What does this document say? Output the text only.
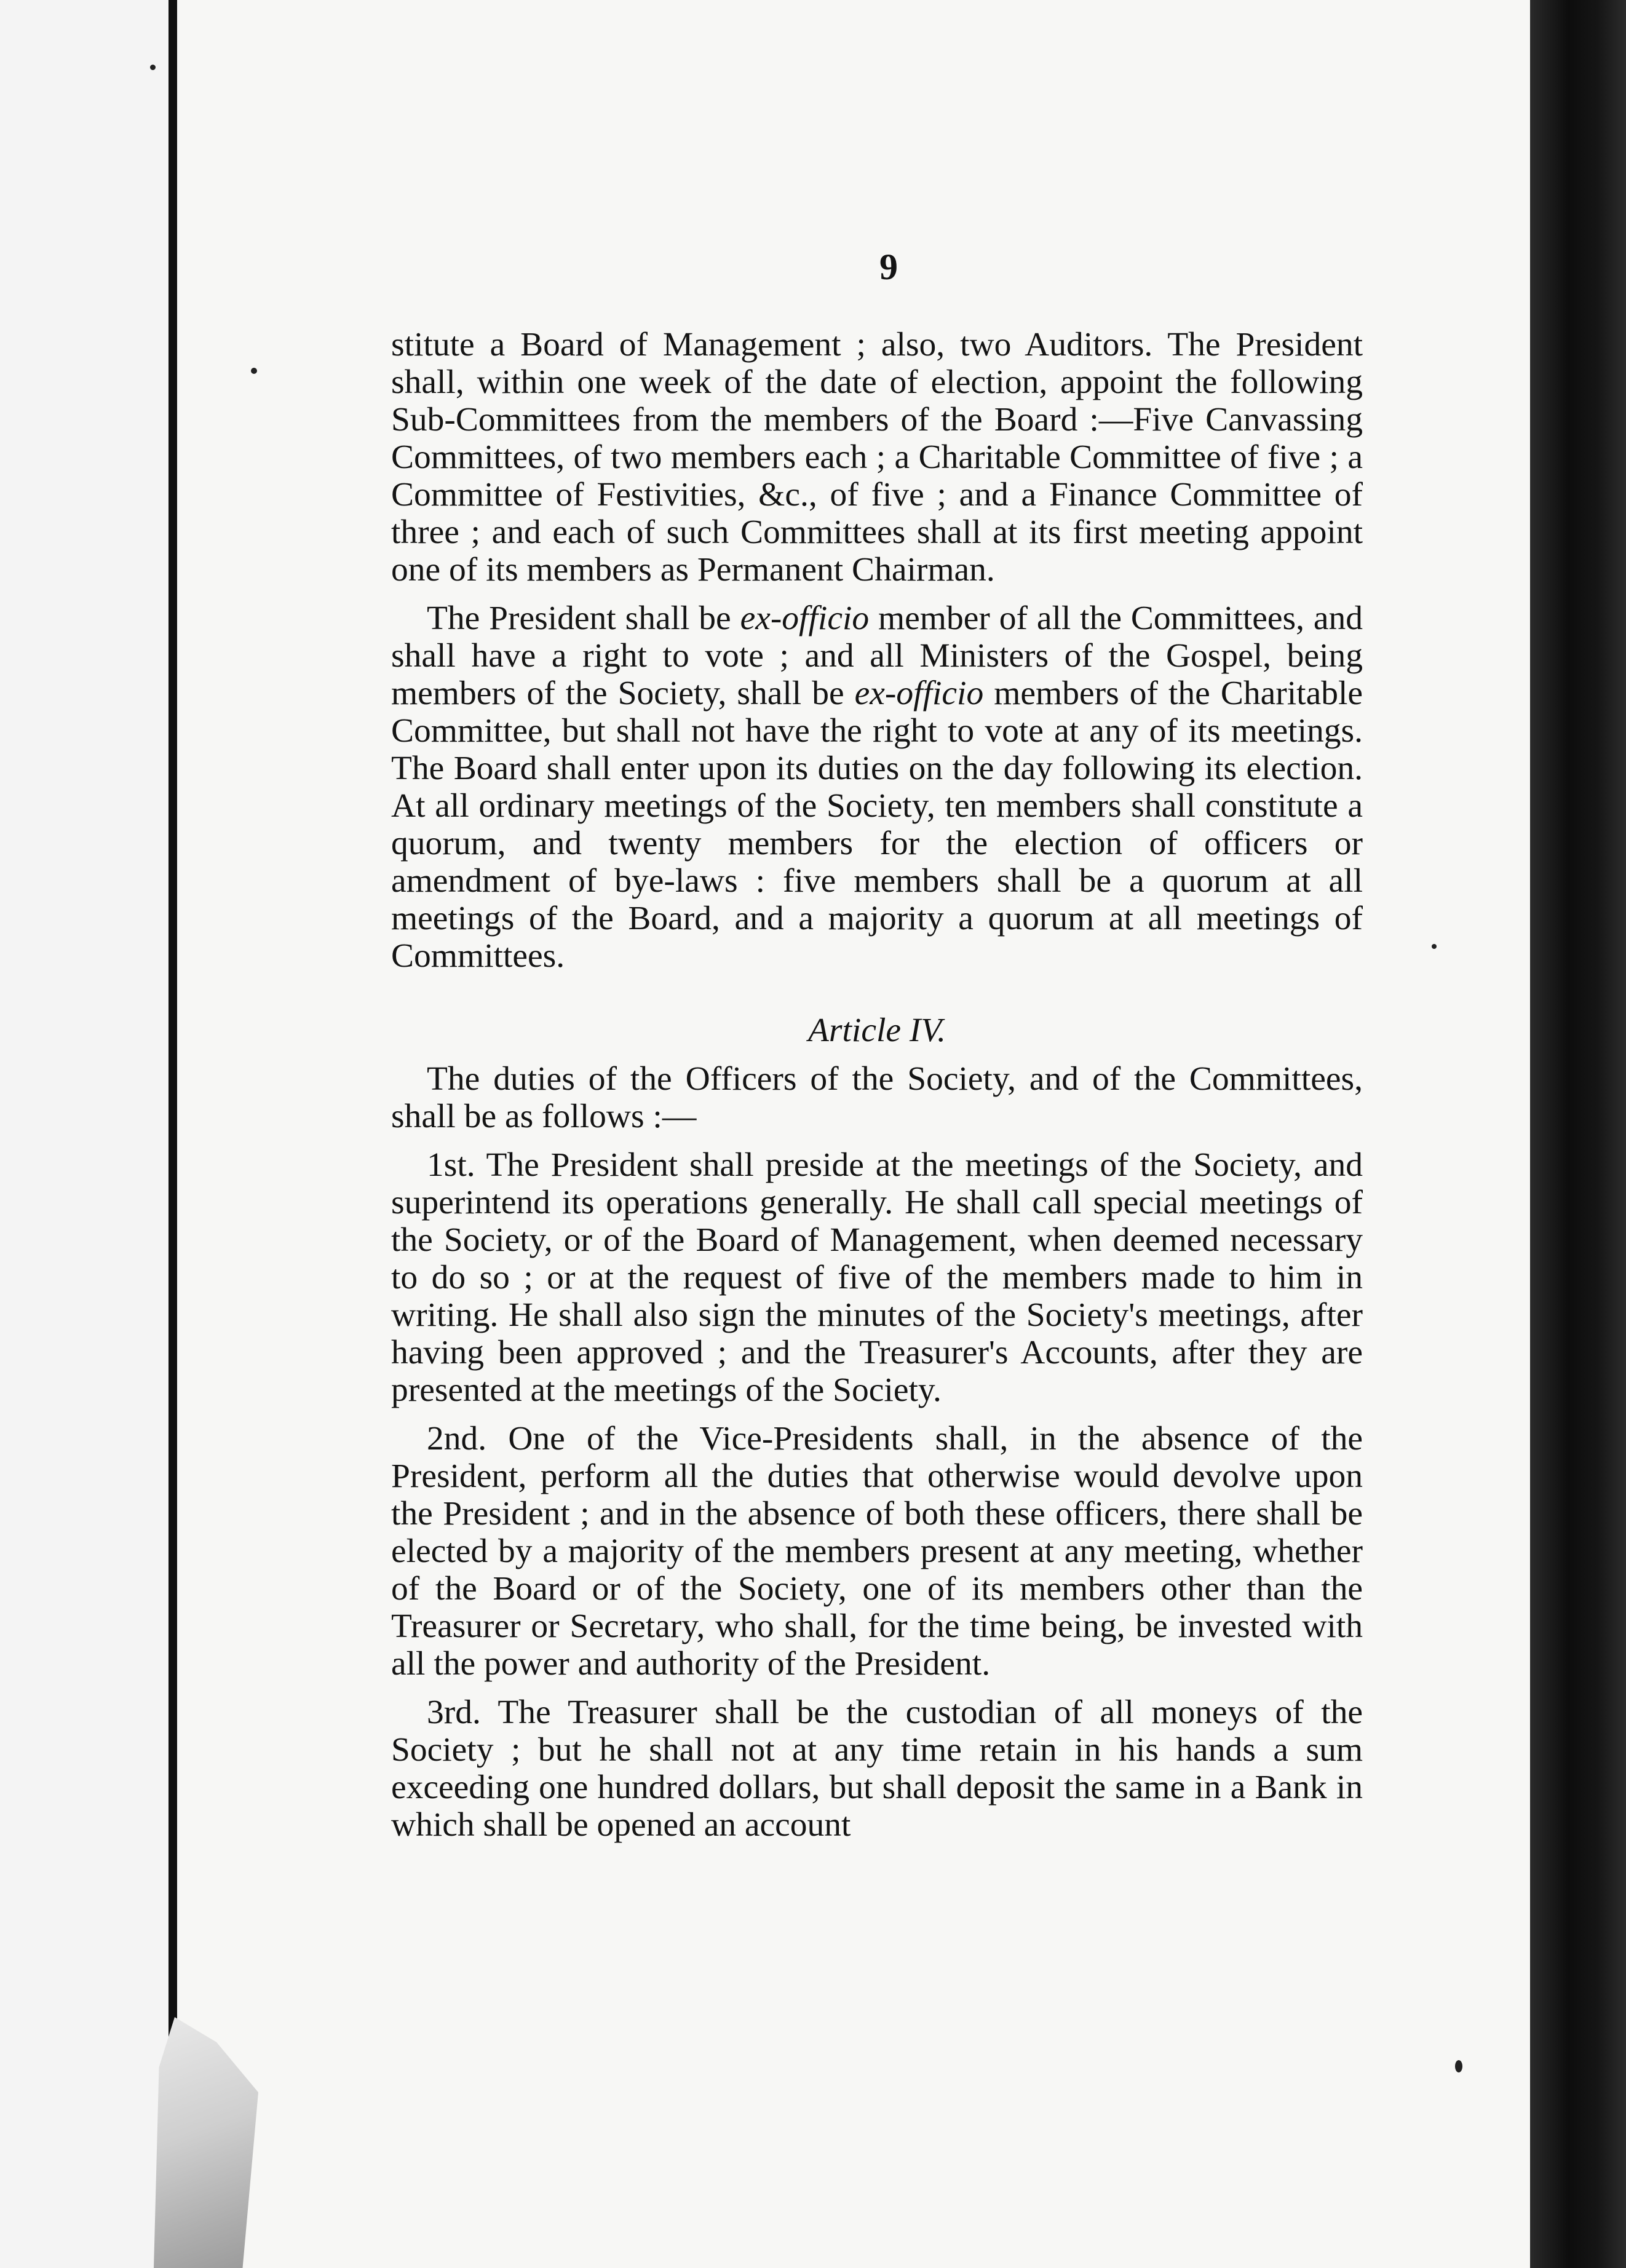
9

stitute a Board of Management ; also, two Auditors. The President shall, within one week of the date of election, appoint the following Sub-Committees from the members of the Board :—Five Canvassing Committees, of two members each ; a Charitable Committee of five ; a Committee of Festivities, &c., of five ; and a Finance Committee of three ; and each of such Committees shall at its first meeting appoint one of its members as Permanent Chairman.

The President shall be ex-officio member of all the Committees, and shall have a right to vote ; and all Ministers of the Gospel, being members of the Society, shall be ex-officio members of the Charitable Committee, but shall not have the right to vote at any of its meetings. The Board shall enter upon its duties on the day following its election. At all ordinary meetings of the Society, ten members shall constitute a quorum, and twenty members for the election of officers or amendment of bye-laws : five members shall be a quorum at all meetings of the Board, and a majority a quorum at all meetings of Committees.

Article IV.

The duties of the Officers of the Society, and of the Committees, shall be as follows :—

1st. The President shall preside at the meetings of the Society, and superintend its operations generally. He shall call special meetings of the Society, or of the Board of Management, when deemed necessary to do so ; or at the request of five of the members made to him in writing. He shall also sign the minutes of the Society's meetings, after having been approved ; and the Treasurer's Accounts, after they are presented at the meetings of the Society.

2nd. One of the Vice-Presidents shall, in the absence of the President, perform all the duties that otherwise would devolve upon the President ; and in the absence of both these officers, there shall be elected by a majority of the members present at any meeting, whether of the Board or of the Society, one of its members other than the Treasurer or Secretary, who shall, for the time being, be invested with all the power and authority of the President.

3rd. The Treasurer shall be the custodian of all moneys of the Society ; but he shall not at any time retain in his hands a sum exceeding one hundred dollars, but shall deposit the same in a Bank in which shall be opened an account
